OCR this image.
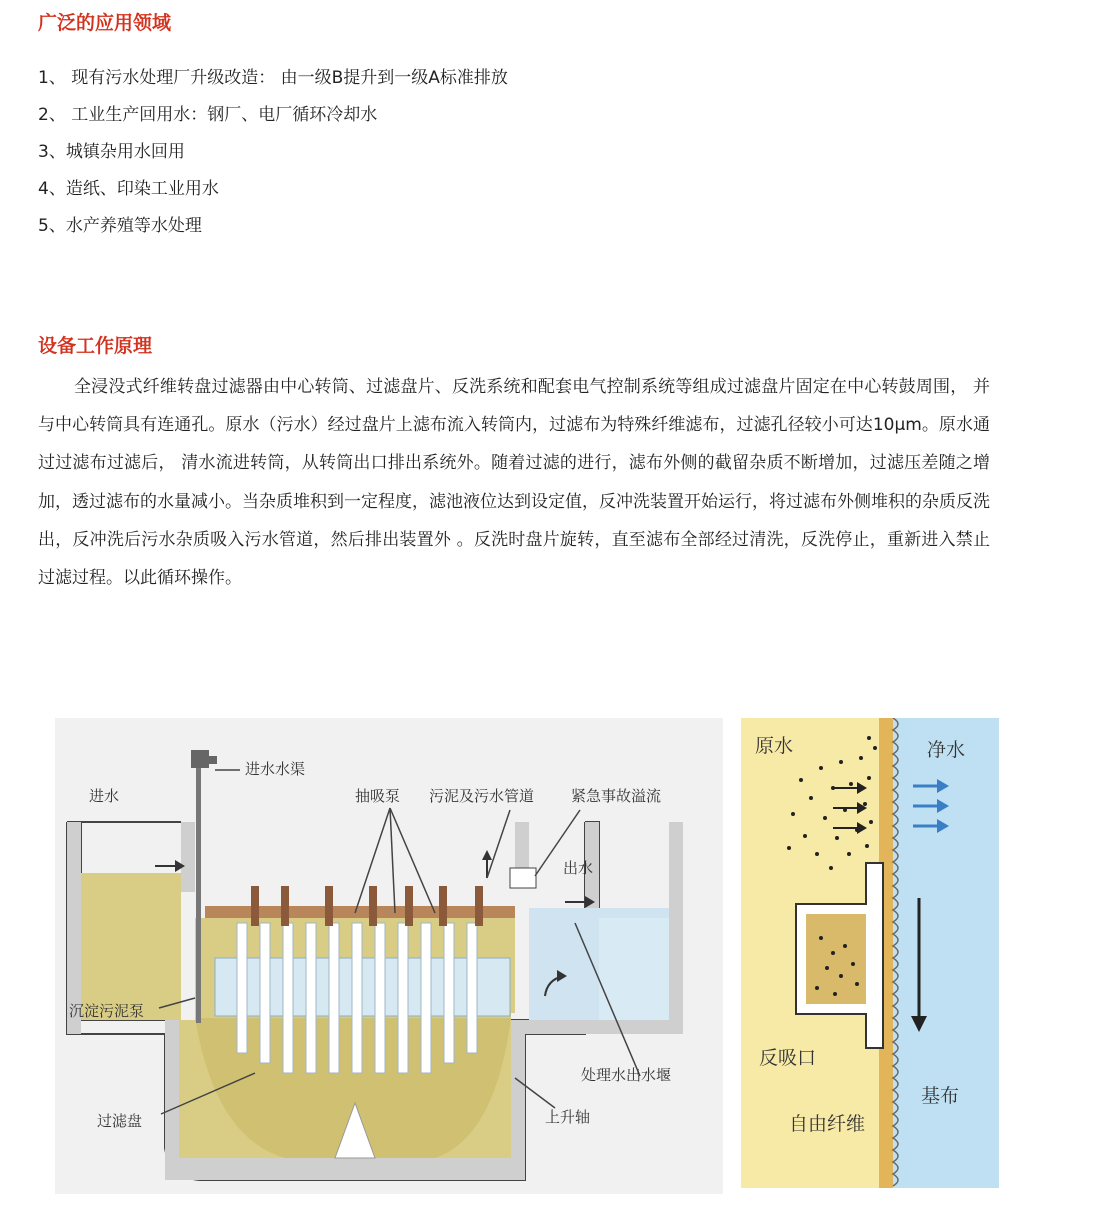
广泛的应用领域
1、 现有污水处理厂升级改造： 由一级B提升到一级A标准排放
2、 工业生产回用水：钢厂、电厂循环冷却水
3、城镇杂用水回用
4、造纸、印染工业用水
5、水产养殖等水处理
设备工作原理

全浸没式纤维转盘过滤器由中心转筒、过滤盘片、反洗系统和配套电气控制系统等组成过滤盘片固定在中心转鼓周围， 并与中心转筒具有连通孔。原水（污水）经过盘片上滤布流入转筒内，过滤布为特殊纤维滤布，过滤孔径较小可达10μm。原水通过过滤布过滤后， 清水流进转筒，从转筒出口排出系统外。随着过滤的进行，滤布外侧的截留杂质不断增加，过滤压差随之增加，透过滤布的水量减小。当杂质堆积到一定程度，滤池液位达到设定值，反冲洗装置开始运行，将过滤布外侧堆积的杂质反洗出，反冲洗后污水杂质吸入污水管道，然后排出装置外 。反洗时盘片旋转，直至滤布全部经过清洗，反洗停止，重新进入禁止过滤过程。以此循环操作。

进水
进水水渠
抽吸泵 污泥及污水管道 紧急事故溢流
出水
沉淀污泥泵
处理水出水堰
过滤盘	上升轴
原水	净水
反吸口
基布
自由纤维
